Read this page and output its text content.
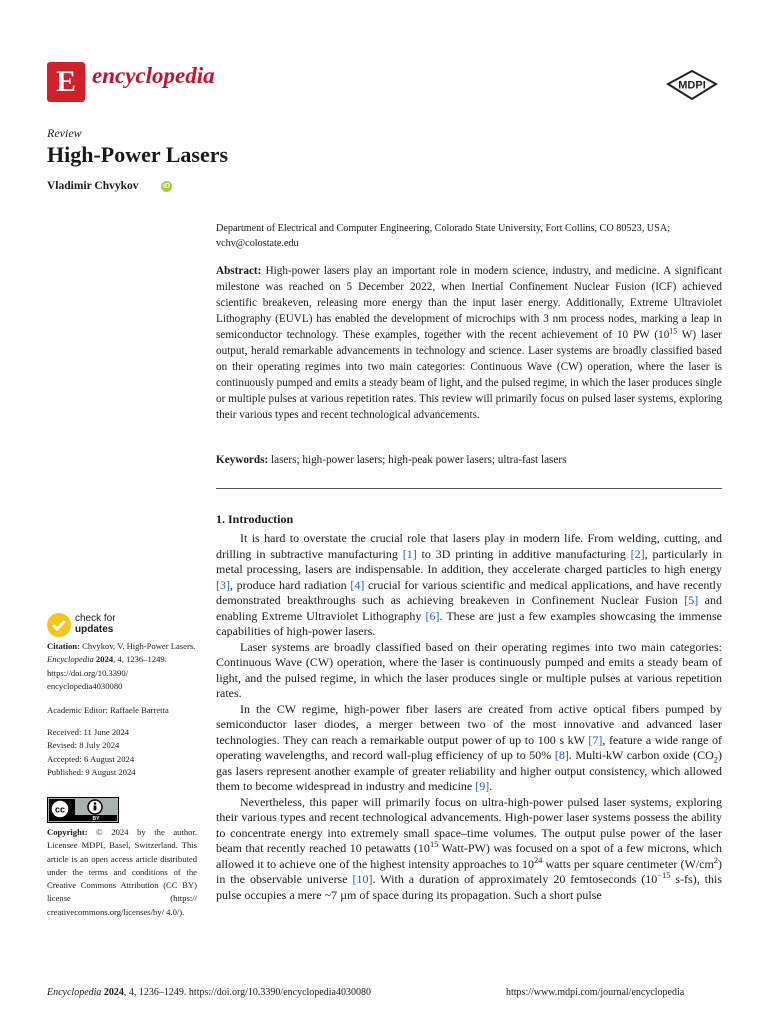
E encyclopedia	MDPI
Review
High-Power Lasers
Vladimir Chvykov	iD
Department of Electrical and Computer Engineering, Colorado State University, Fort Collins, CO 80523, USA;
vchv@colostate.edu
Abstract: High-power lasers play an important role in modern science, industry, and medicine. A significant milestone was reached on 5 December 2022, when Inertial Confinement Nuclear Fusion (ICF) achieved scientific breakeven, releasing more energy than the input laser energy. Additionally, Extreme Ultraviolet Lithography (EUVL) has enabled the development of microchips with 3 nm process nodes, marking a leap in semiconductor technology. These examples, together with the recent achievement of 10 PW ($10^{15}$ W) laser output, herald remarkable advancements in technology and science. Laser systems are broadly classified based on their operating regimes into two main categories: Continuous Wave (CW) operation, where the laser is continuously pumped and emits a steady beam of light, and the pulsed regime, in which the laser produces single or multiple pulses at various repetition rates. This review will primarily focus on pulsed laser systems, exploring their various types and recent technological advancements.
Keywords: lasers; high-power lasers; high-peak power lasers; ultra-fast lasers
1. Introduction

It is hard to overstate the crucial role that lasers play in modern life. From welding, cutting, and drilling in subtractive manufacturing [1] to 3D printing in additive manufacturing [2], particularly in metal processing, lasers are indispensable. In addition, they accelerate charged particles to high energy [3], produce hard radiation [4] crucial for various scientific and medical applications, and have recently demonstrated breakthroughs such as achieving breakeven in Confinement Nuclear Fusion [5] and enabling Extreme Ultraviolet Lithography [6]. These are just a few examples showcasing the immense capabilities of high-power lasers.

Laser systems are broadly classified based on their operating regimes into two main categories: Continuous Wave (CW) operation, where the laser is continuously pumped and emits a steady beam of light, and the pulsed regime, in which the laser produces single or multiple pulses at various repetition rates.

In the CW regime, high-power fiber lasers are created from active optical fibers pumped by semiconductor laser diodes, a merger between two of the most innovative and advanced laser technologies. They can reach a remarkable output power of up to 100 s kW [7], feature a wide range of operating wavelengths, and record wall-plug efficiency of up to 50% [8]. Multi-kW carbon oxide $(CO_2)$ gas lasers represent another example of greater reliability and higher output consistency, which allowed them to become widespread in industry and medicine [9].

Nevertheless, this paper will primarily focus on ultra-high-power pulsed laser systems, exploring their various types and recent technological advancements. High-power laser systems possess the ability to concentrate energy into extremely small space–time volumes. The output pulse power of the laser beam that recently reached 10 petawatts ($10^{15}$ Watt-PW) was focused on a spot of a few microns, which allowed it to achieve one of the highest intensity approaches to $10^{24}$ watts per square centimeter $(W/cm^2)$ in the observable universe [10]. With a duration of approximately 20 femtoseconds ($10^{-15}$ s-fs), this pulse occupies a mere ~7 µm of space during its propagation. Such a short pulse

check for
updates
Citation: Chvykov, V. High-Power Lasers. Encyclopedia 2024, 4, 1236–1249. https://doi.org/10.3390/ encyclopedia4030080
Academic Editor: Raffaele Barretta
Received: 11 June 2024
Revised: 8 July 2024
Accepted: 6 August 2024
Published: 9 August 2024
cc
BY
Copyright: © 2024 by the author. Licensee MDPI, Basel, Switzerland. This article is an open access article distributed under the terms and conditions of the Creative Commons Attribution (CC BY) license (https:// creativecommons.org/licenses/by/ 4.0/).
Encyclopedia 2024, 4, 1236–1249. https://doi.org/10.3390/encyclopedia4030080	https://www.mdpi.com/journal/encyclopedia
